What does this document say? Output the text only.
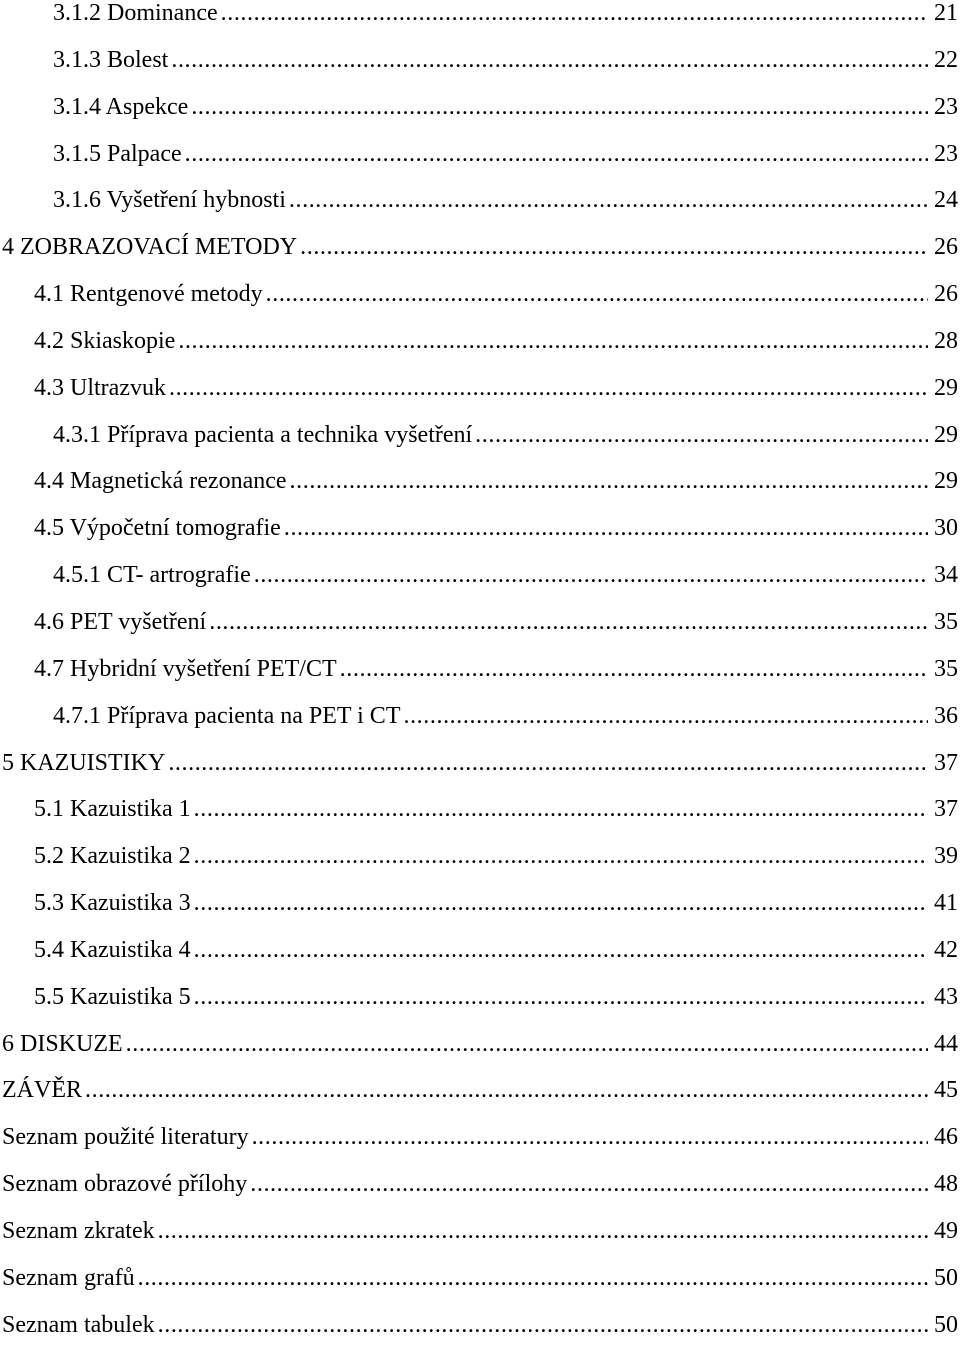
3.1.2 Dominance .....	21
3.1.3 Bolest .....	22
3.1.4 Aspekce .....	23
3.1.5 Palpace .....	23
3.1.6 Vyšetření hybnosti .....	24
4 ZOBRAZOVACÍ METODY .....	26
4.1 Rentgenové metody .....	26
4.2 Skiaskopie .....	28
4.3 Ultrazvuk .....	29
4.3.1 Příprava pacienta a technika vyšetření .....	29
4.4 Magnetická rezonance .....	29
4.5 Výpočetní tomografie .....	30
4.5.1 CT- artrografie .....	34
4.6 PET vyšetření .....	35
4.7 Hybridní vyšetření PET/CT .....	35
4.7.1 Příprava pacienta na PET i CT .....	36
5 KAZUISTIKY .....	37
5.1 Kazuistika 1 .....	37
5.2 Kazuistika 2 .....	39
5.3 Kazuistika 3 .....	41
5.4 Kazuistika 4 .....	42
5.5 Kazuistika 5 .....	43
6 DISKUZE .....	44
ZÁVĚR .....	45
Seznam použité literatury .....	46
Seznam obrazové přílohy .....	48
Seznam zkratek .....	49
Seznam grafů .....	50
Seznam tabulek .....	50
